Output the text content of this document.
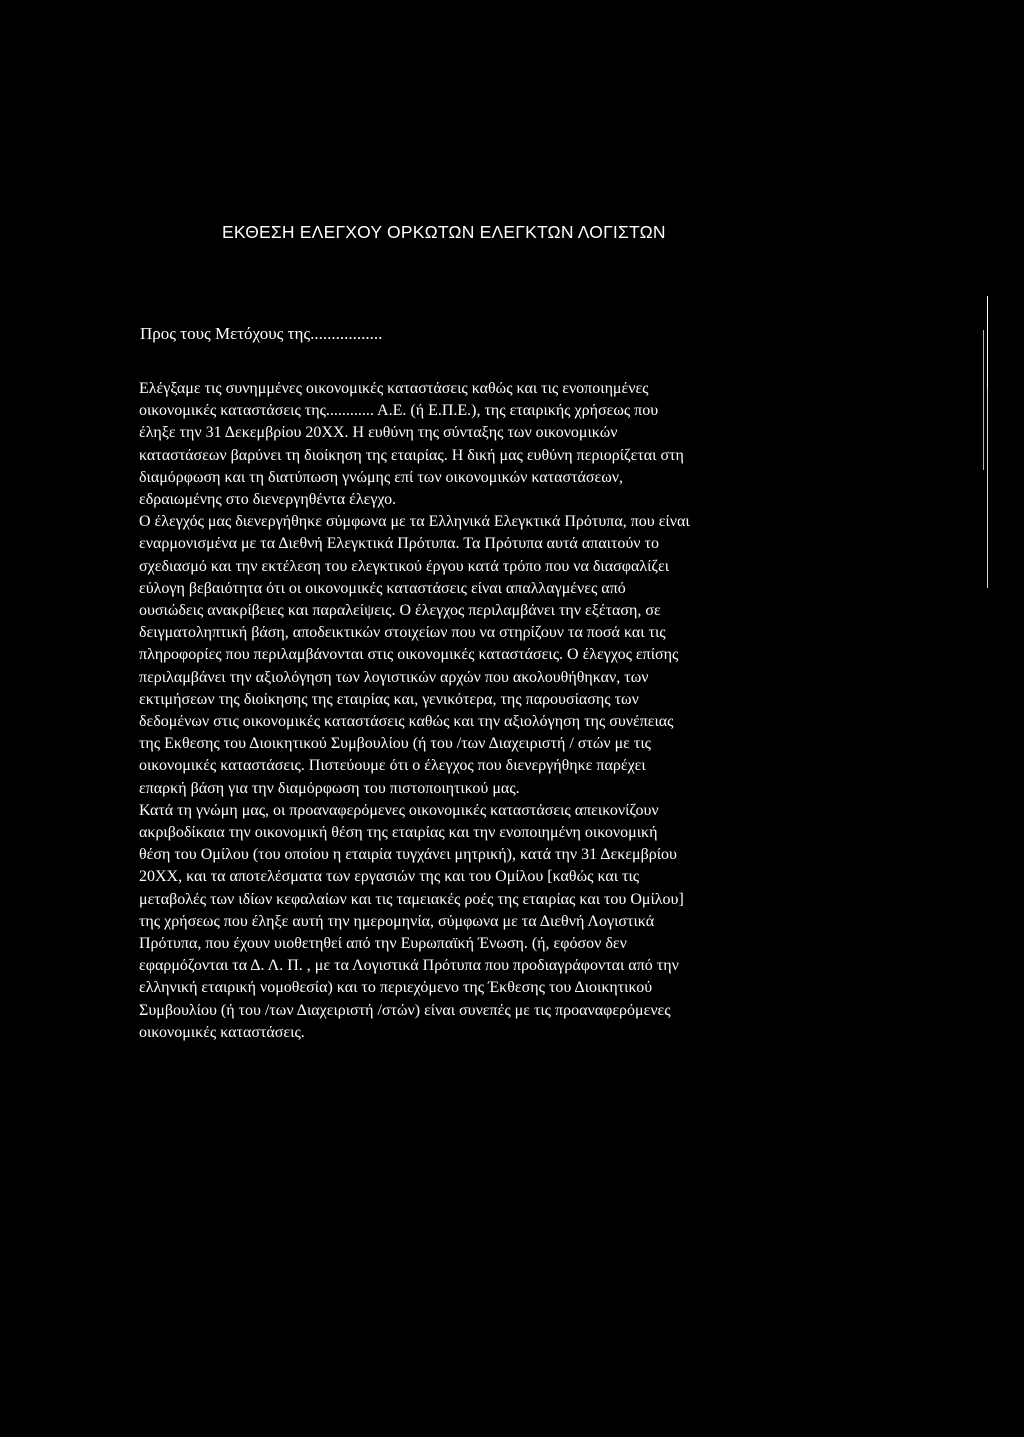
ΕΚΘΕΣΗ ΕΛΕΓΧΟΥ ΟΡΚΩΤΩΝ ΕΛΕΓΚΤΩΝ ΛΟΓΙΣΤΩΝ
Προς τους Μετόχους της.................
Ελέγξαμε τις συνημμένες οικονομικές καταστάσεις καθώς και τις ενοποιημένες
οικονομικές καταστάσεις της............ Α.Ε. (ή Ε.Π.Ε.), της εταιρικής χρήσεως που
έληξε την 31 Δεκεμβρίου 20ΧΧ. Η ευθύνη της σύνταξης των οικονομικών
καταστάσεων βαρύνει τη διοίκηση της εταιρίας. Η δική μας ευθύνη περιορίζεται στη
διαμόρφωση και τη διατύπωση γνώμης επί των οικονομικών καταστάσεων,
εδραιωμένης στο διενεργηθέντα έλεγχο.
Ο έλεγχός μας διενεργήθηκε σύμφωνα με τα Ελληνικά Ελεγκτικά Πρότυπα, που είναι
εναρμονισμένα με τα Διεθνή Ελεγκτικά Πρότυπα. Τα Πρότυπα αυτά απαιτούν το
σχεδιασμό και την εκτέλεση του ελεγκτικού έργου κατά τρόπο που να διασφαλίζει
εύλογη βεβαιότητα ότι οι οικονομικές καταστάσεις είναι απαλλαγμένες από
ουσιώδεις ανακρίβειες και παραλείψεις. Ο έλεγχος περιλαμβάνει την εξέταση, σε
δειγματοληπτική βάση, αποδεικτικών στοιχείων που να στηρίζουν τα ποσά και τις
πληροφορίες που περιλαμβάνονται στις οικονομικές καταστάσεις. Ο έλεγχος επίσης
περιλαμβάνει την αξιολόγηση των λογιστικών αρχών που ακολουθήθηκαν, των
εκτιμήσεων της διοίκησης της εταιρίας και, γενικότερα, της παρουσίασης των
δεδομένων στις οικονομικές καταστάσεις καθώς και την αξιολόγηση της συνέπειας
της Εκθεσης του Διοικητικού Συμβουλίου (ή του /των Διαχειριστή / στών με τις
οικονομικές καταστάσεις. Πιστεύουμε ότι ο έλεγχος που διενεργήθηκε παρέχει
επαρκή βάση για την διαμόρφωση του πιστοποιητικού μας.
Κατά τη γνώμη μας, οι προαναφερόμενες οικονομικές καταστάσεις απεικονίζουν
ακριβοδίκαια την οικονομική θέση της εταιρίας και την ενοποιημένη οικονομική
θέση του Ομίλου (του οποίου η εταιρία τυγχάνει μητρική), κατά την 31 Δεκεμβρίου
20ΧΧ, και τα αποτελέσματα των εργασιών της και του Ομίλου [καθώς και τις
μεταβολές των ιδίων κεφαλαίων και τις ταμειακές ροές της εταιρίας και του Ομίλου]
της χρήσεως που έληξε αυτή την ημερομηνία, σύμφωνα με τα Διεθνή Λογιστικά
Πρότυπα, που έχουν υιοθετηθεί από την Ευρωπαϊκή Ένωση. (ή, εφόσον δεν
εφαρμόζονται τα Δ. Λ. Π. , με τα Λογιστικά Πρότυπα που προδιαγράφονται από την
ελληνική εταιρική νομοθεσία) και το περιεχόμενο της Έκθεσης του Διοικητικού
Συμβουλίου (ή του /των Διαχειριστή /στών) είναι συνεπές με τις προαναφερόμενες
οικονομικές καταστάσεις.
